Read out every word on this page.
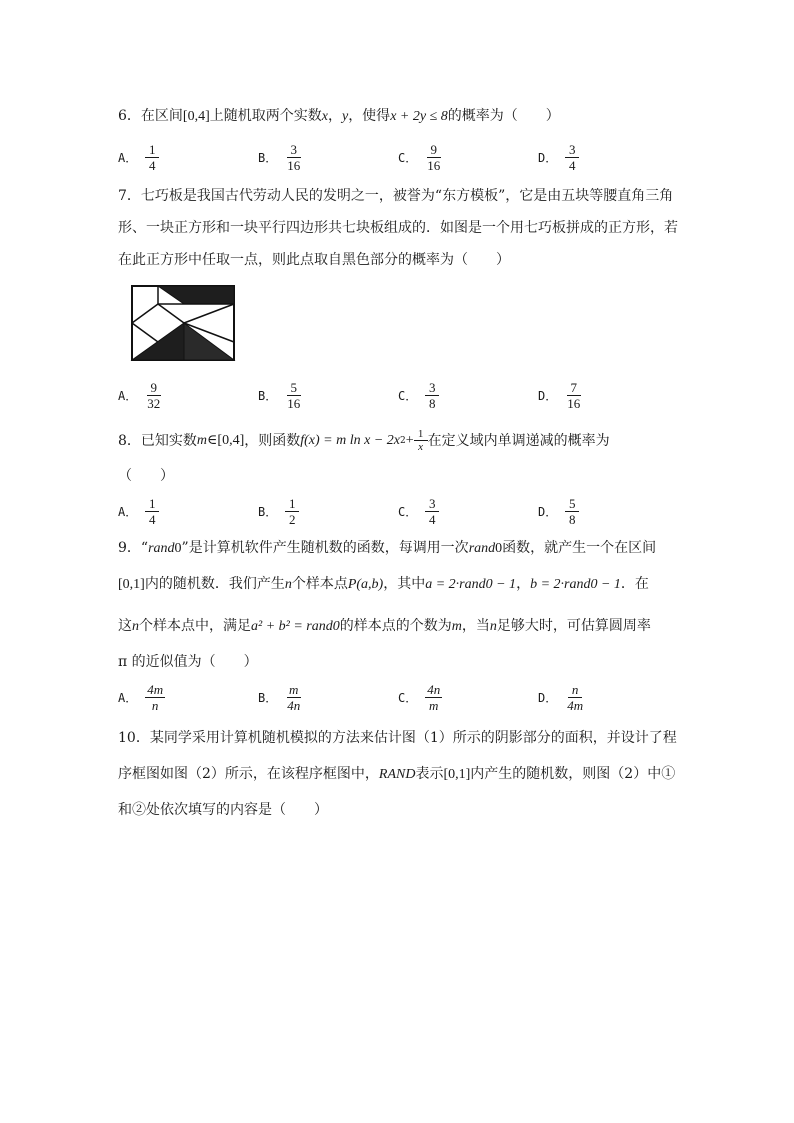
6．在区间[0,4]上随机取两个实数x，y，使得x + 2y ≤ 8的概率为（　　）
A． $\frac{1}{4}$	B． $\frac{3}{16}$	C． $\frac{9}{16}$	D． $\frac{3}{4}$
7．七巧板是我国古代劳动人民的发明之一，被誉为“东方模板”，它是由五块等腰直角三角
形、一块正方形和一块平行四边形共七块板组成的．如图是一个用七巧板拼成的正方形，若
在此正方形中任取一点，则此点取自黑色部分的概率为（　　）
A． $\frac{9}{32}$	B． $\frac{5}{16}$	C． $\frac{3}{8}$	D． $\frac{7}{16}$
8． 已知实数 m ∈[0,4] ，则函数 f(x) = m ln x − 2x $2 + \frac{1}{x}$ 在定义域内单调递减的概率为
（　　）
A． $\frac{1}{4}$	B． $\frac{1}{2}$	C． $\frac{3}{4}$	D． $\frac{5}{8}$
9．“rand0”是计算机软件产生随机数的函数，每调用一次rand0函数，就产生一个在区间
[0,1]内的随机数．我们产生n个样本点P(a,b)，其中a = 2·rand0 − 1，b = 2·rand0 − 1．在
这n个样本点中，满足a² + b² = rand0的样本点的个数为m，当n足够大时，可估算圆周率
π 的近似值为（　　）
A． $\frac{4m}{n}$	B． $\frac{m}{4n}$	C． $\frac{4n}{m}$	D． $\frac{n}{4m}$
10．某同学采用计算机随机模拟的方法来估计图（1）所示的阴影部分的面积，并设计了程
序框图如图（2）所示，在该程序框图中，RAND表示[0,1]内产生的随机数，则图（2）中①
和②处依次填写的内容是（　　）
